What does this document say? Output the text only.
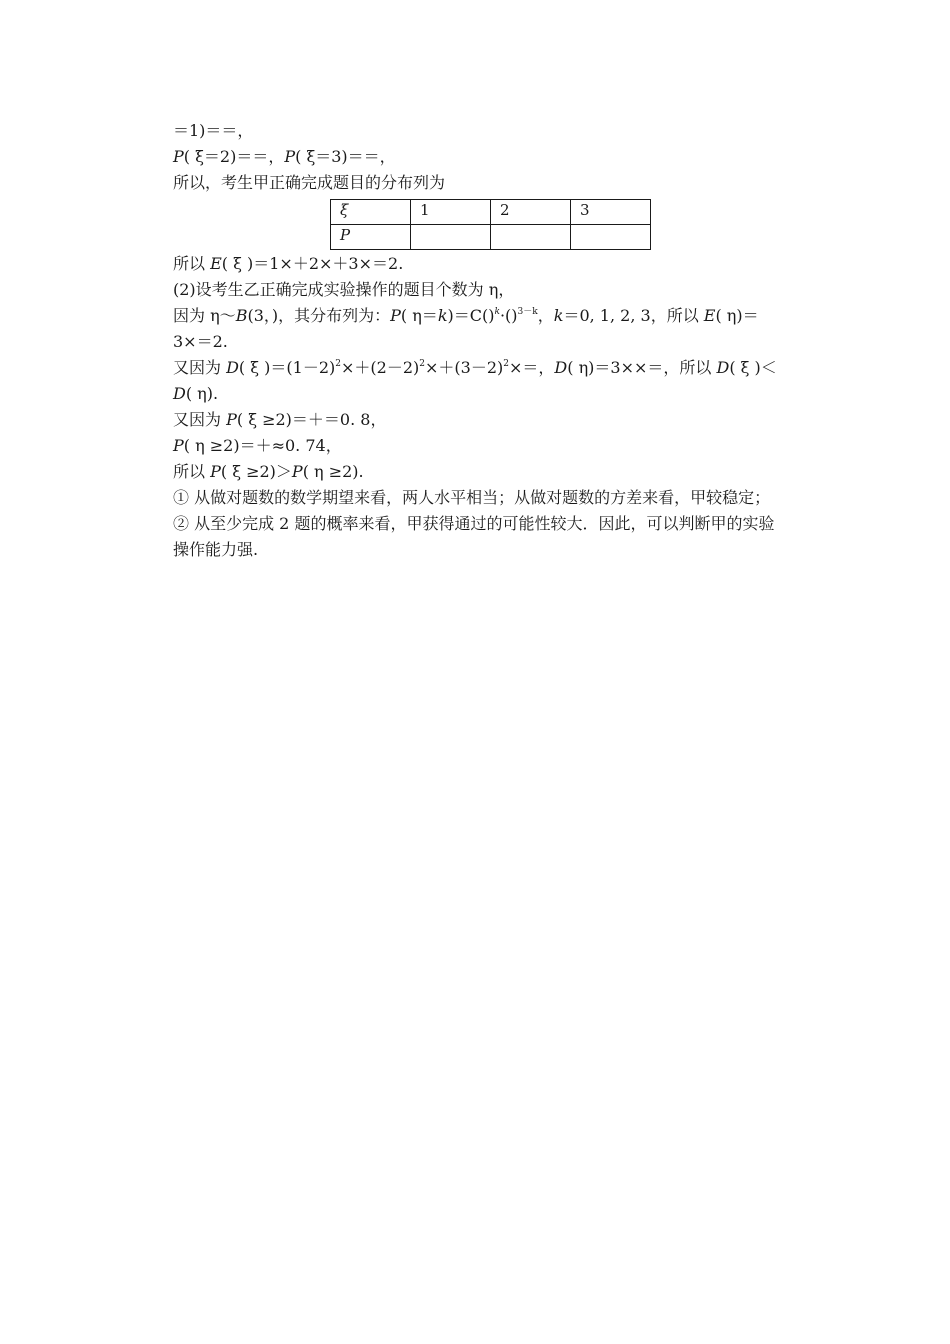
＝1)＝＝，
P( ξ＝2)＝＝，P( ξ＝3)＝＝，
所以，考生甲正确完成题目的分布列为
ξ	1	2	3
P			
所以 E( ξ )＝1×＋2×＋3×＝2.
(2)设考生乙正确完成实验操作的题目个数为 η，
因为 η～B(3，)，其分布列为：P( η＝k)＝C()$^k$·()$^{3-k}$，k＝0, 1, 2, 3，所以 E( η)＝
3×＝2.
又因为 D( ξ )$=(1-2)^2\times+(2-2)^2\times+(3-2)^2\times=$，D( η)＝3××＝，所以 D( ξ )＜
D( η).
又因为 P( ξ ≥2)＝＋＝0. 8，
P( η ≥2)＝＋≈0. 74，
所以 P( ξ ≥2)＞P( η ≥2).
① 从做对题数的数学期望来看，两人水平相当；从做对题数的方差来看，甲较稳定；
② 从至少完成 2 题的概率来看，甲获得通过的可能性较大．因此，可以判断甲的实验
操作能力强.
